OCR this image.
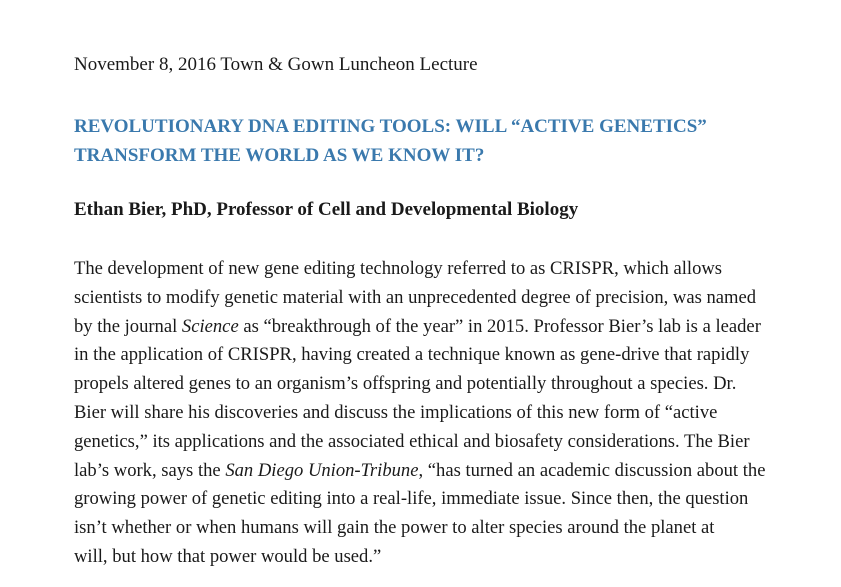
November 8, 2016 Town & Gown Luncheon Lecture
REVOLUTIONARY DNA EDITING TOOLS: WILL “ACTIVE GENETICS”
TRANSFORM THE WORLD AS WE KNOW IT?

Ethan Bier, PhD, Professor of Cell and Developmental Biology

The development of new gene editing technology referred to as CRISPR, which allows
scientists to modify genetic material with an unprecedented degree of precision, was named
by the journal Science as “breakthrough of the year” in 2015. Professor Bier’s lab is a leader
in the application of CRISPR, having created a technique known as gene-drive that rapidly
propels altered genes to an organism’s offspring and potentially throughout a species. Dr.
Bier will share his discoveries and discuss the implications of this new form of “active
genetics,” its applications and the associated ethical and biosafety considerations. The Bier
lab’s work, says the San Diego Union-Tribune, “has turned an academic discussion about the
growing power of genetic editing into a real-life, immediate issue. Since then, the question
isn’t whether or when humans will gain the power to alter species around the planet at
will, but how that power would be used.”
